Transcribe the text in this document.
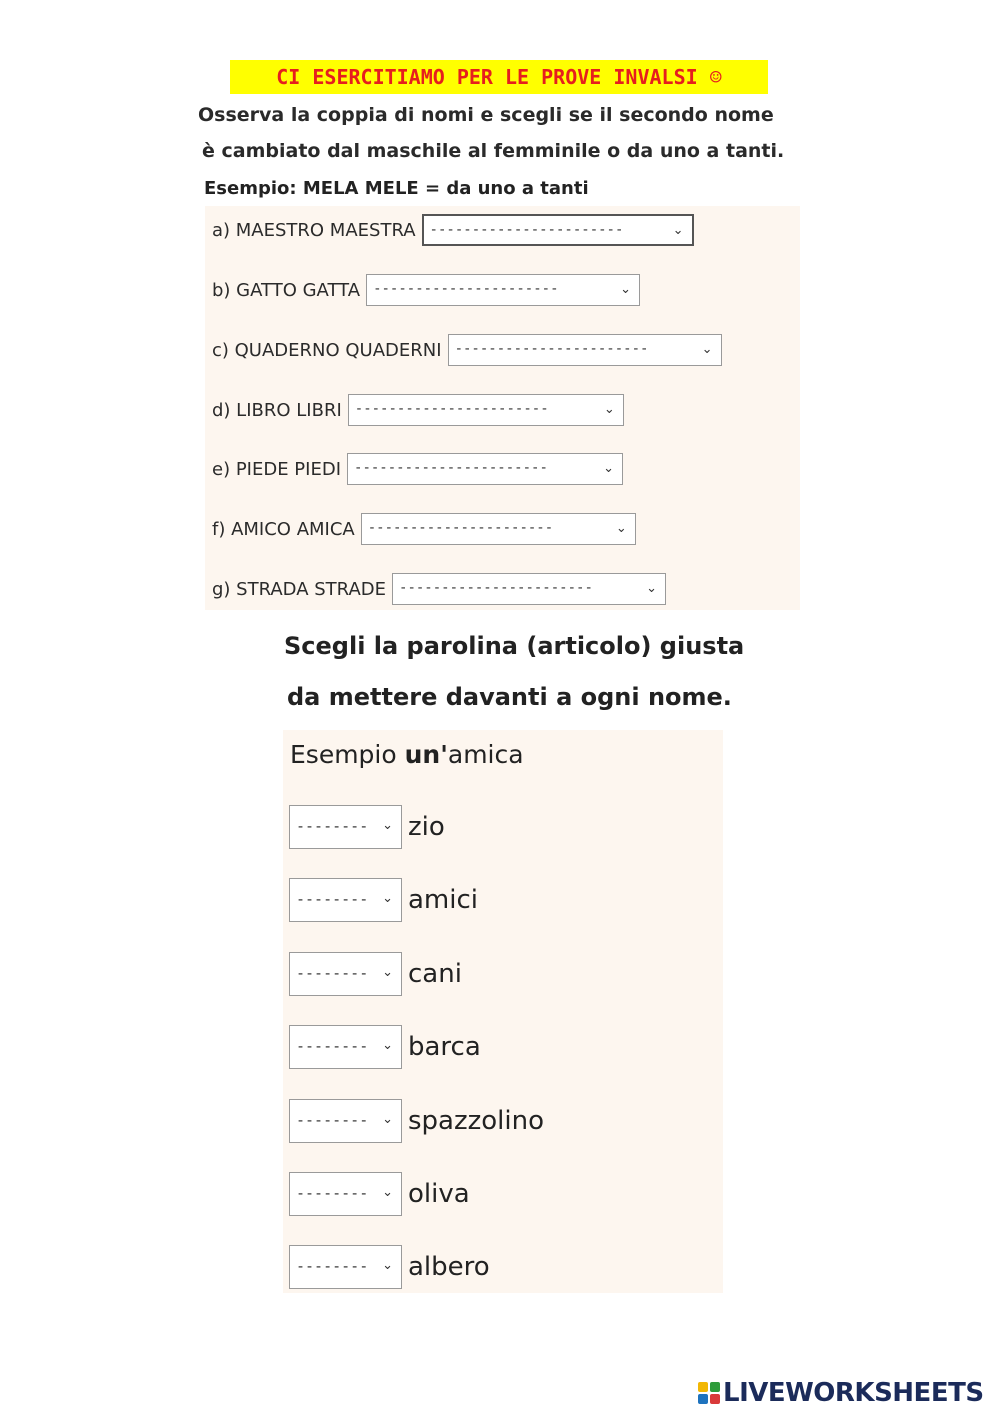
CI ESERCITIAMO PER LE PROVE INVALSI ☺
Osserva la coppia di nomi e scegli se il secondo nome
è cambiato dal maschile al femminile o da uno a tanti.
Esempio: MELA MELE = da uno a tanti
a) MAESTRO MAESTRA	-----------------------	⌄
b) GATTO GATTA ----------------------	⌄
c) QUADERNO QUADERNI -----------------------	⌄
d) LIBRO LIBRI -----------------------	⌄
e) PIEDE PIEDI -----------------------	⌄
f) AMICO AMICA ----------------------	⌄
g) STRADA STRADE -----------------------	⌄
Scegli la parolina (articolo) giusta
da mettere davanti a ogni nome.
Esempio un'amica
-------- ⌄ zio
-------- ⌄ amici
-------- ⌄ cani
-------- ⌄ barca
-------- ⌄ spazzolino
-------- ⌄ oliva
-------- ⌄ albero
LIVEWORKSHEETS
